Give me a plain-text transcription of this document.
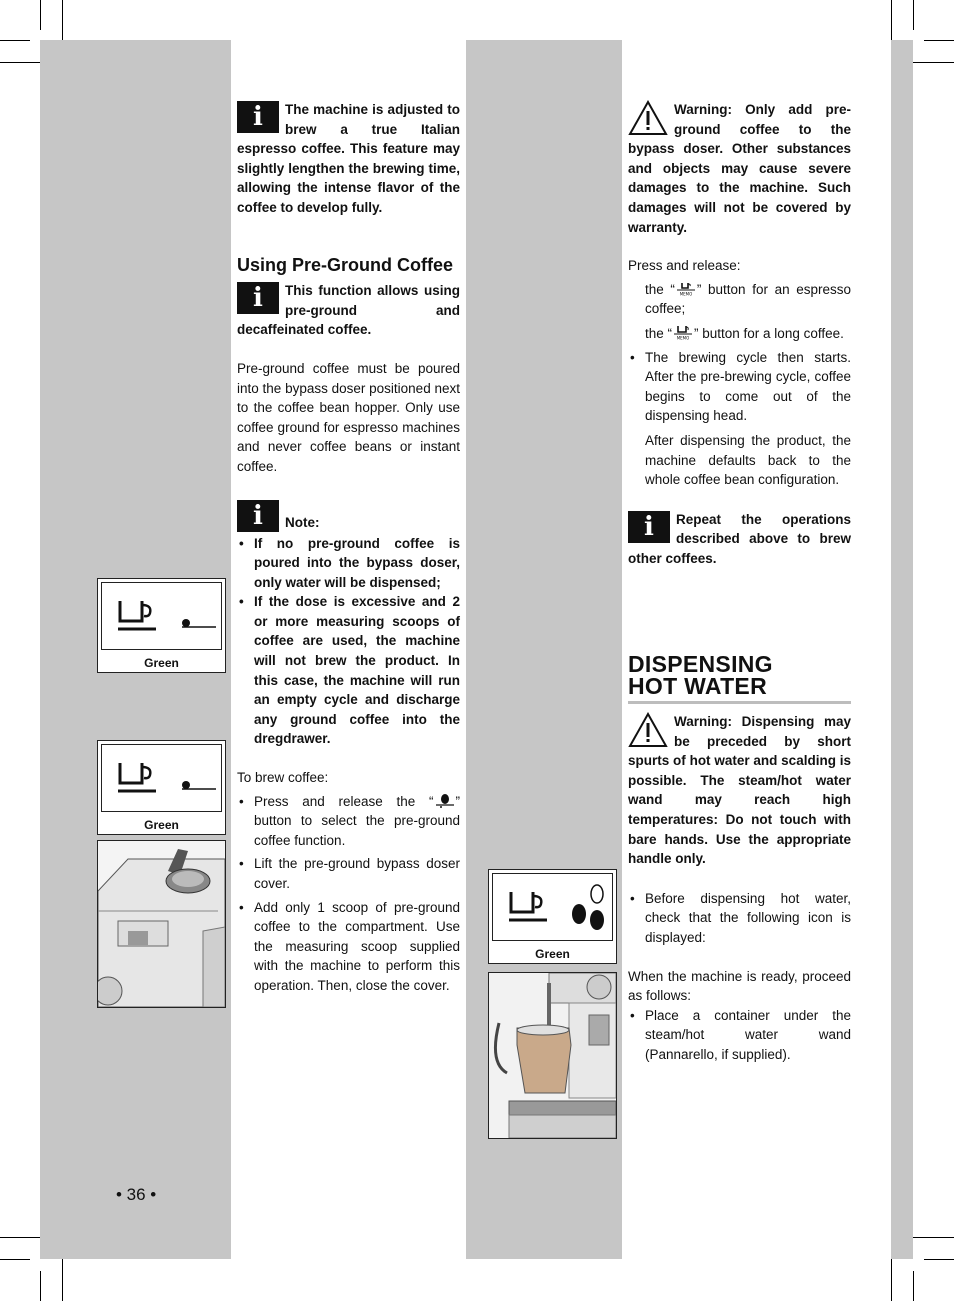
i	The machine is adjusted to brew a true Italian espresso coffee. This feature may slightly lengthen the brewing time, allowing the intense flavor of the coffee to develop fully.
Using Pre-Ground Coffee
i	This function allows using pre-ground and decaffeinated coffee.

Pre-ground coffee must be poured into the bypass doser positioned next to the coffee bean hopper. Only use coffee ground for espresso machines and never coffee beans or instant coffee.

i	Note:
• If no pre-ground coffee is poured into the bypass doser, only water will be dispensed;
• If the dose is excessive and 2 or more measuring scoops of coffee are used, the machine will not brew the product. In this case, the machine will run an empty cycle and discharge any ground coffee into the dregdrawer.

To brew coffee:

• Press and release the “ ” button to select the pre-ground coffee function.
• Lift the pre-ground bypass doser cover.
• Add only 1 scoop of pre-ground coffee to the compartment. Use the measuring scoop supplied with the machine to perform this operation. Then, close the cover.
Green
Green
Warning: Only add pre-ground coffee to the bypass doser. Other substances and objects may cause severe damages to the machine. Such damages will not be covered by warranty.

Press and release:

the “ MEMO ” button for an espresso coffee;
the “ MEMO ” button for a long coffee.
• The brewing cycle then starts. After the pre-brewing cycle, coffee begins to come out of the dispensing head.
After dispensing the product, the machine defaults back to the whole coffee bean configuration.
i	Repeat the operations described above to brew other coffees.
DISPENSING
HOT WATER
Warning: Dispensing may be preceded by short spurts of hot water and scalding is possible. The steam/hot water wand may reach high temperatures: Do not touch with bare hands. Use the appropriate handle only.
• Before dispensing hot water, check that the following icon is displayed:

When the machine is ready, proceed as follows:

• Place a container under the steam/hot water wand (Pannarello, if supplied).
Green
• 36 •
